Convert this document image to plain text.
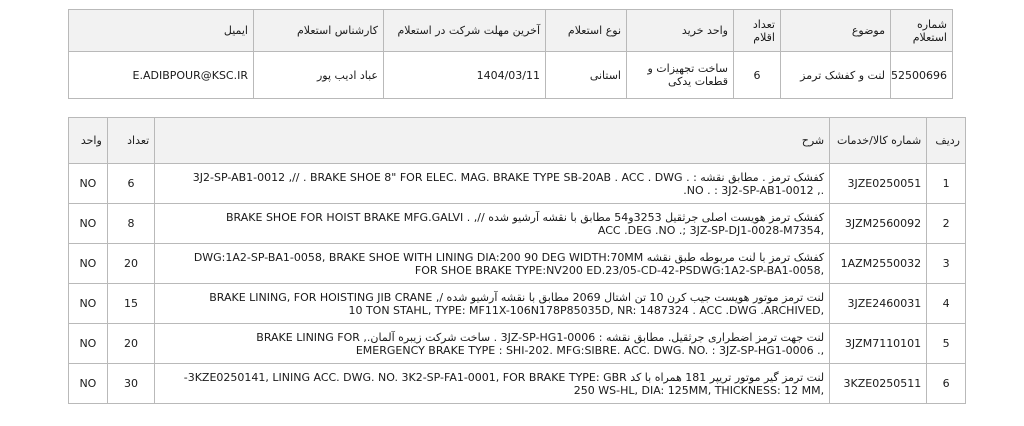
شماره استعلام	موضوع	تعداد اقلام	واحد خرید	نوع استعلام	آخرین مهلت شرکت در استعلام	کارشناس استعلام	ایمیل
52500696	لنت و کفشک ترمز	6	ساخت تجهیزات و قطعات یدکی	استانی	1404/03/11	عباد ادیب پور	E.ADIBPOUR@KSC.IR
ردیف	شماره کالا/خدمات	شرح	تعداد	واحد
1	3JZE0250051	کفشک ترمز . مطابق نقشه : . 3J2-SP-AB1-0012 ,// . BRAKE SHOE 8" FOR ELEC. MAG. BRAKE TYPE SB-20AB . ACC . DWG
.NO . : 3J2-SP-AB1-0012 ,.	6	NO
2	3JZM2560092	کفشک ترمز هویست اصلی جرثقیل 3253و54 مطابق با نقشه آرشیو شده //, . BRAKE SHOE FOR HOIST BRAKE MFG.GALVI
ACC .DEG .NO .; 3JZ-SP-DJ1-0028-M7354,	8	NO
3	1AZM2550032	کفشک ترمز با لنت مربوطه طبق نقشه DWG:1A2-SP-BA1-0058, BRAKE SHOE WITH LINING DIA:200 90 DEG WIDTH:70MM
FOR SHOE BRAKE TYPE:NV200 ED.23/05-CD-42-PSDWG:1A2-SP-BA1-0058,	20	NO
4	3JZE2460031	لنت ترمز موتور هویست جیب کرن 10 تن اشتال 2069 مطابق با نقشه آرشیو شده /, BRAKE LINING, FOR HOISTING JIB CRANE
10 TON STAHL, TYPE: MF11X-106N178P85035D, NR: 1487324 . ACC .DWG .ARCHIVED,	15	NO
5	3JZM7110101	لنت جهت ترمز اضطراری جرثقیل. مطابق نقشه : 3JZ-SP-HG1-0006 . ساخت شرکت زیبره آلمان., BRAKE LINING FOR
EMERGENCY BRAKE TYPE : SHI-202. MFG:SIBRE. ACC. DWG. NO. : 3JZ-SP-HG1-0006 .,	20	NO
6	3KZE0250511	لنت ترمز گیر موتور تریپر 181 همراه با کد 3KZE0250141, LINING ACC. DWG. NO. 3K2-SP-FA1-0001, FOR BRAKE TYPE: GBR-
250 WS-HL, DIA: 125MM, THICKNESS: 12 MM,	30	NO
